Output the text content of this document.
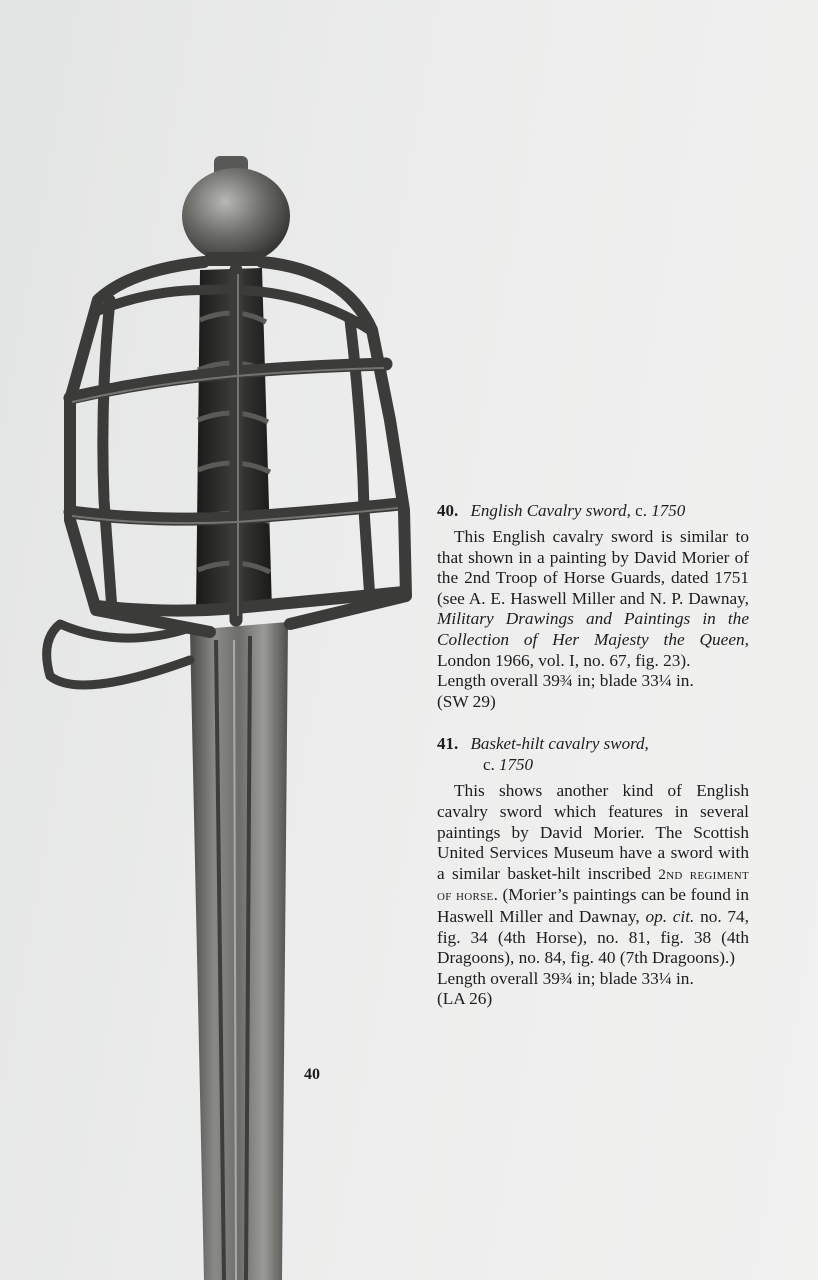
40

40. English Cavalry sword, c. 1750

This English cavalry sword is similar to that shown in a painting by David Morier of the 2nd Troop of Horse Guards, dated 1751 (see A. E. Haswell Miller and N. P. Dawnay, Military Drawings and Paintings in the Collection of Her Majesty the Queen, London 1966, vol. I, no. 67, fig. 23).

Length overall 39¾ in; blade 33¼ in.
(SW 29)

41. Basket-hilt cavalry sword,
c. 1750

This shows another kind of English cavalry sword which features in several paintings by David Morier. The Scottish United Services Museum have a sword with a similar basket-hilt inscribed 2nd regiment of horse. (Morier’s paintings can be found in Haswell Miller and Dawnay, op. cit. no. 74, fig. 34 (4th Horse), no. 81, fig. 38 (4th Dragoons), no. 84, fig. 40 (7th Dragoons).)

Length overall 39¾ in; blade 33¼ in.
(LA 26)
